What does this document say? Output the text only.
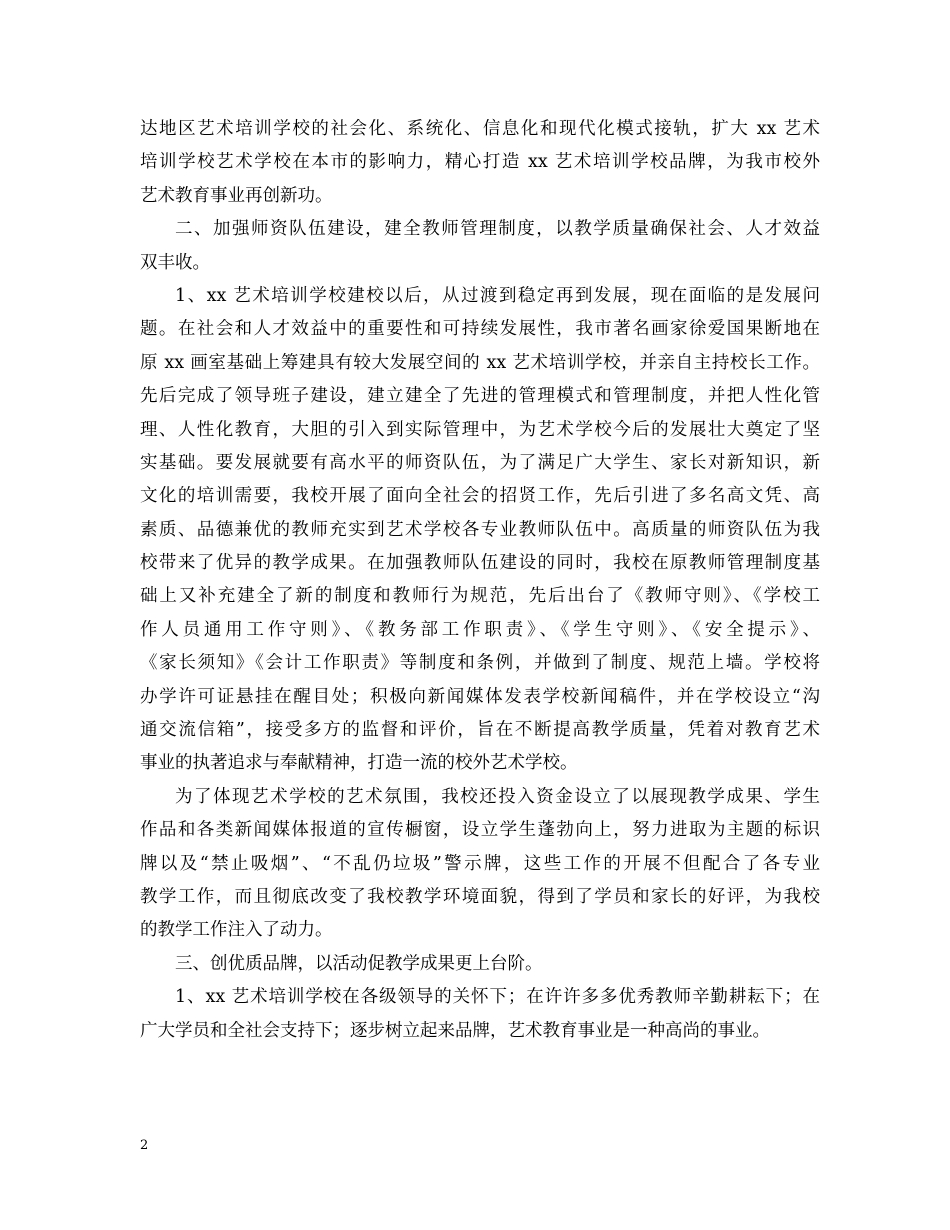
达地区艺术培训学校的社会化、系统化、信息化和现代化模式接轨，扩大 xx 艺术
培训学校艺术学校在本市的影响力，精心打造 xx 艺术培训学校品牌，为我市校外
艺术教育事业再创新功。
二、加强师资队伍建设，建全教师管理制度，以教学质量确保社会、人才效益
双丰收。
1、xx 艺术培训学校建校以后，从过渡到稳定再到发展，现在面临的是发展问
题。在社会和人才效益中的重要性和可持续发展性，我市著名画家徐爱国果断地在
原 xx 画室基础上筹建具有较大发展空间的 xx 艺术培训学校，并亲自主持校长工作。
先后完成了领导班子建设，建立建全了先进的管理模式和管理制度，并把人性化管
理、人性化教育，大胆的引入到实际管理中，为艺术学校今后的发展壮大奠定了坚
实基础。要发展就要有高水平的师资队伍，为了满足广大学生、家长对新知识，新
文化的培训需要，我校开展了面向全社会的招贤工作，先后引进了多名高文凭、高
素质、品德兼优的教师充实到艺术学校各专业教师队伍中。高质量的师资队伍为我
校带来了优异的教学成果。在加强教师队伍建设的同时，我校在原教师管理制度基
础上又补充建全了新的制度和教师行为规范，先后出台了《教师守则》、《学校工
作人员通用工作守则》、《教务部工作职责》、《学生守则》、《安全提示》、
《家长须知》《会计工作职责》等制度和条例，并做到了制度、规范上墙。学校将
办学许可证悬挂在醒目处；积极向新闻媒体发表学校新闻稿件，并在学校设立“沟
通交流信箱”，接受多方的监督和评价，旨在不断提高教学质量，凭着对教育艺术
事业的执著追求与奉献精神，打造一流的校外艺术学校。
为了体现艺术学校的艺术氛围，我校还投入资金设立了以展现教学成果、学生
作品和各类新闻媒体报道的宣传橱窗，设立学生蓬勃向上，努力进取为主题的标识
牌以及“禁止吸烟”、“不乱仍垃圾”警示牌，这些工作的开展不但配合了各专业
教学工作，而且彻底改变了我校教学环境面貌，得到了学员和家长的好评，为我校
的教学工作注入了动力。
三、创优质品牌，以活动促教学成果更上台阶。
1、xx 艺术培训学校在各级领导的关怀下；在许许多多优秀教师辛勤耕耘下；在
广大学员和全社会支持下；逐步树立起来品牌，艺术教育事业是一种高尚的事业。
2
